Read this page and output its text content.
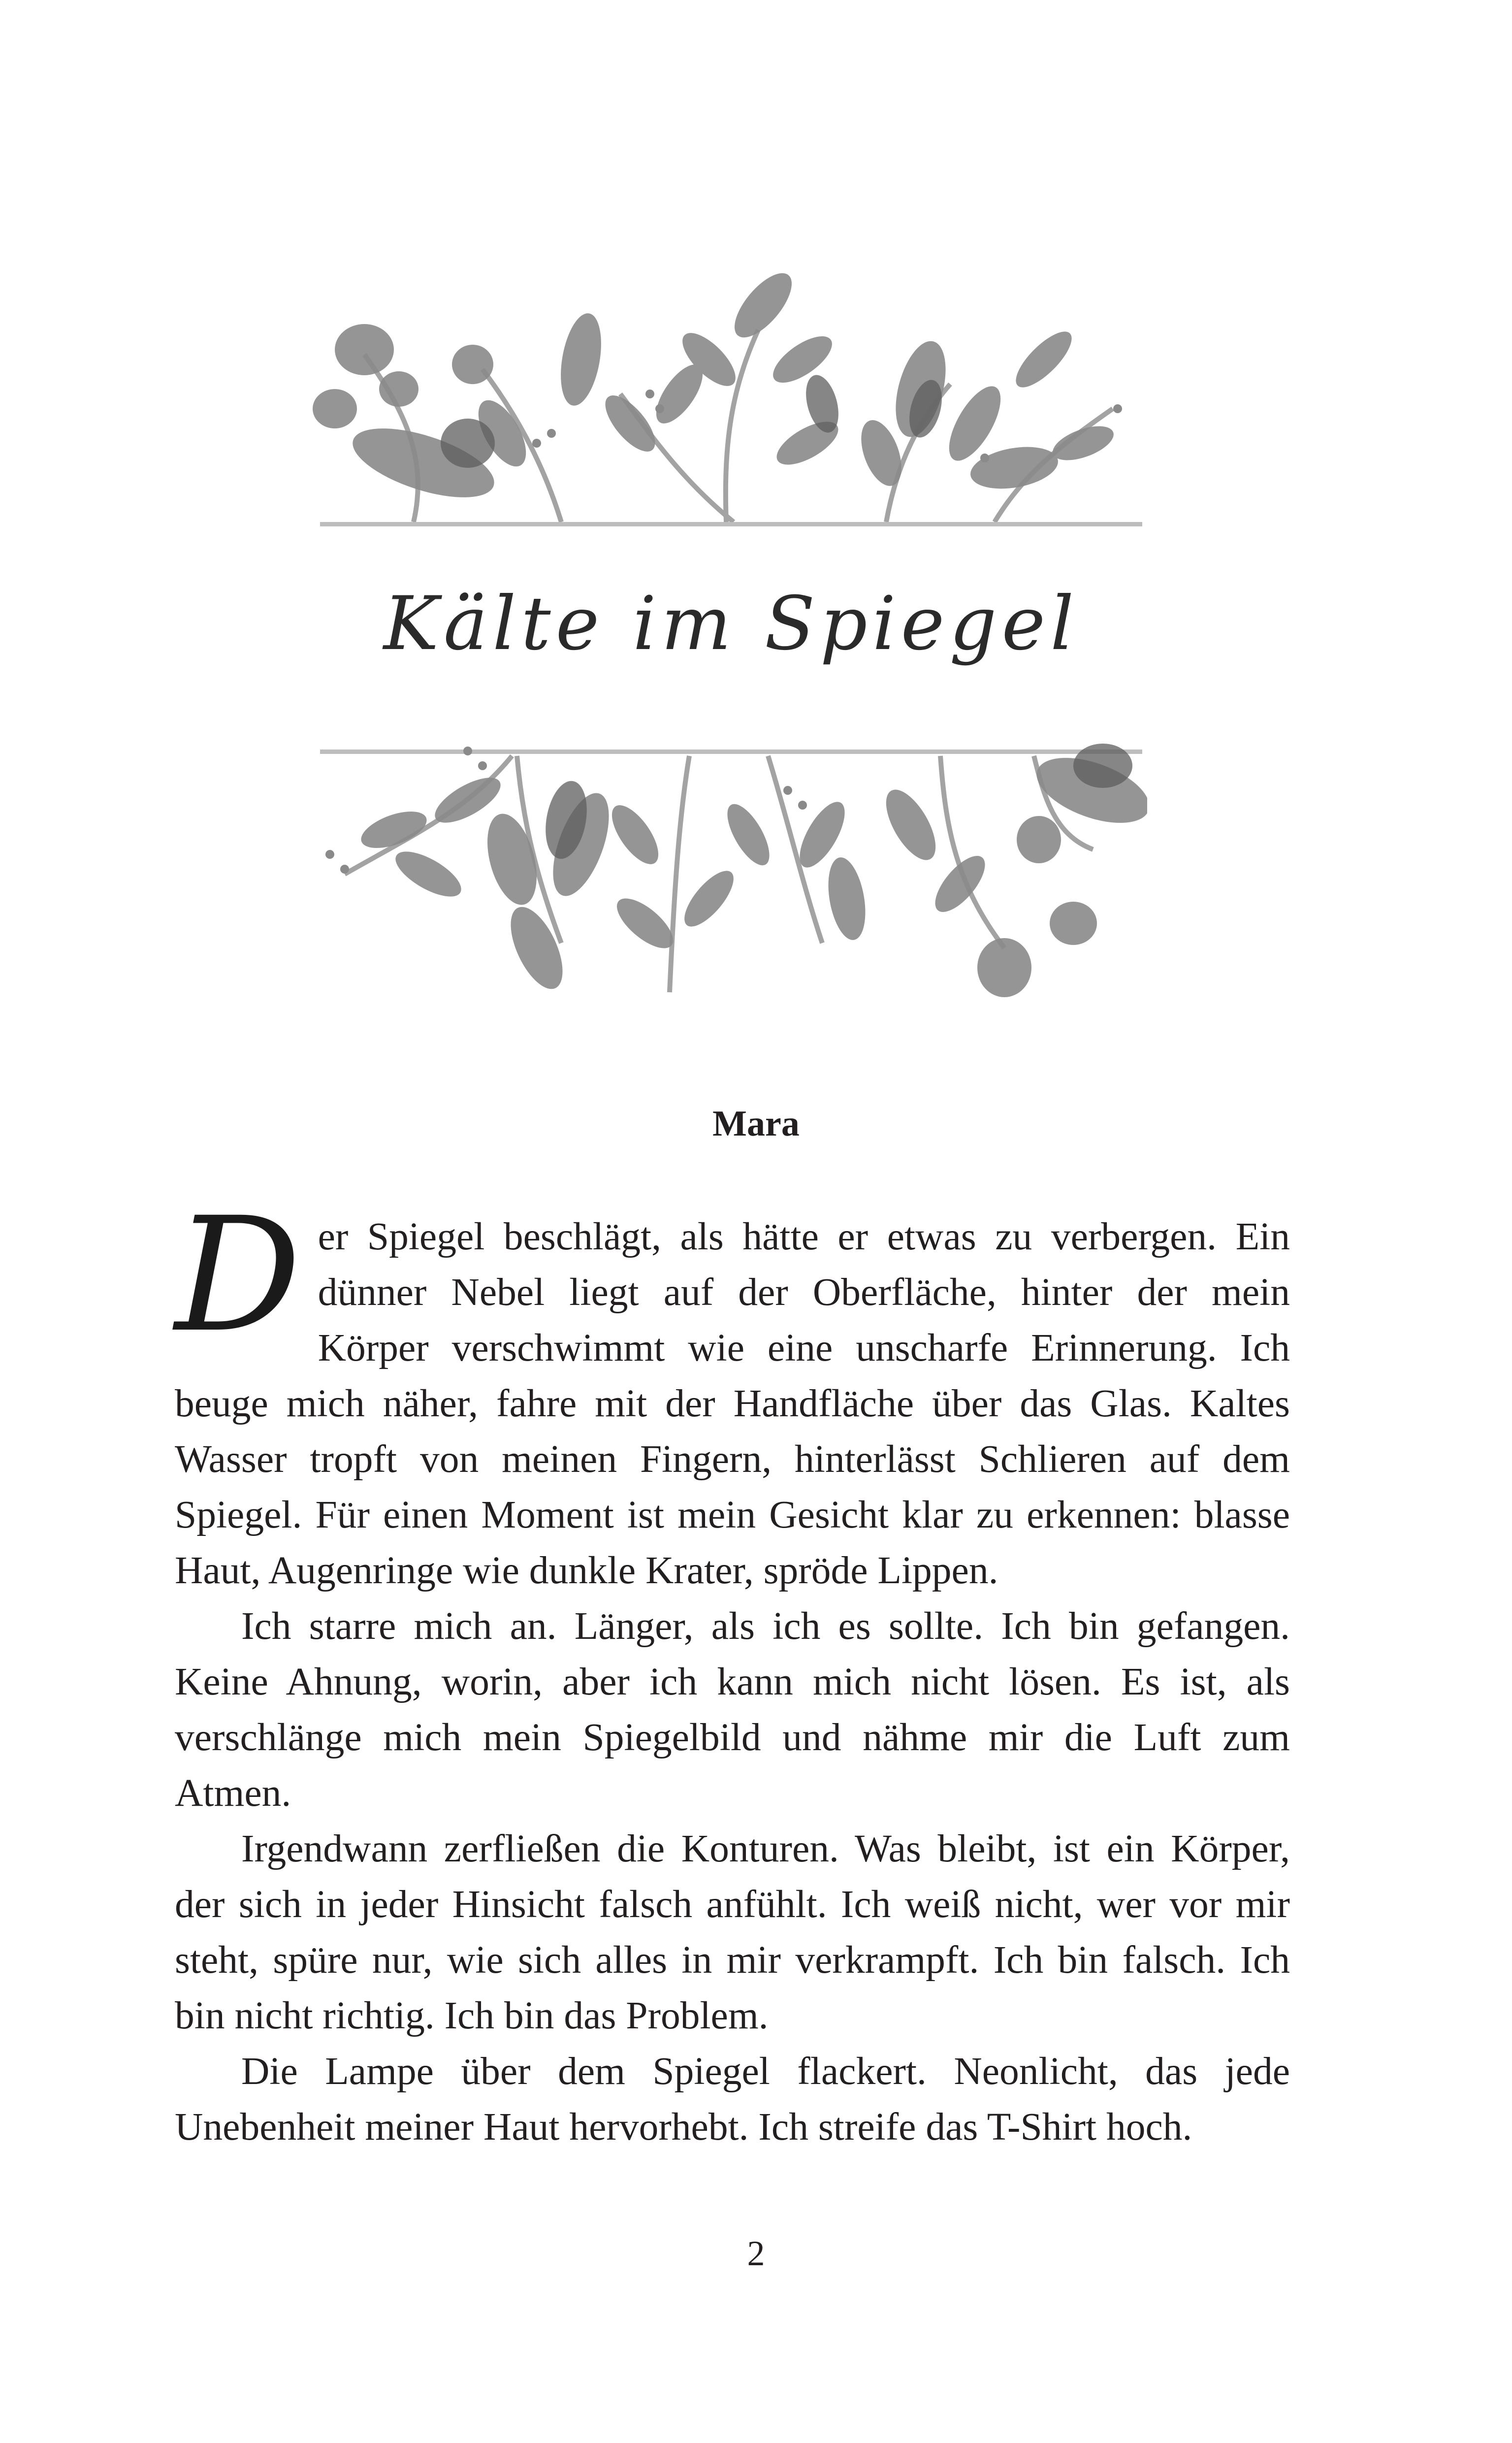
Kälte im Spiegel
Mara

Der Spiegel beschlägt, als hätte er etwas zu verbergen. Ein dünner Nebel liegt auf der Oberfläche, hinter der mein Körper verschwimmt wie eine unscharfe Erinnerung. Ich beuge mich näher, fahre mit der Handfläche über das Glas. Kaltes Wasser tropft von meinen Fingern, hinterlässt Schlieren auf dem Spiegel. Für einen Moment ist mein Gesicht klar zu erkennen: blasse Haut, Augenringe wie dunkle Krater, spröde Lippen.

Ich starre mich an. Länger, als ich es sollte. Ich bin gefangen. Keine Ahnung, worin, aber ich kann mich nicht lösen. Es ist, als verschlänge mich mein Spiegelbild und nähme mir die Luft zum Atmen.

Irgendwann zerfließen die Konturen. Was bleibt, ist ein Körper, der sich in jeder Hinsicht falsch anfühlt. Ich weiß nicht, wer vor mir steht, spüre nur, wie sich alles in mir verkrampft. Ich bin falsch. Ich bin nicht richtig. Ich bin das Problem.

Die Lampe über dem Spiegel flackert. Neonlicht, das jede Unebenheit meiner Haut hervorhebt. Ich streife das T-Shirt hoch.

2
